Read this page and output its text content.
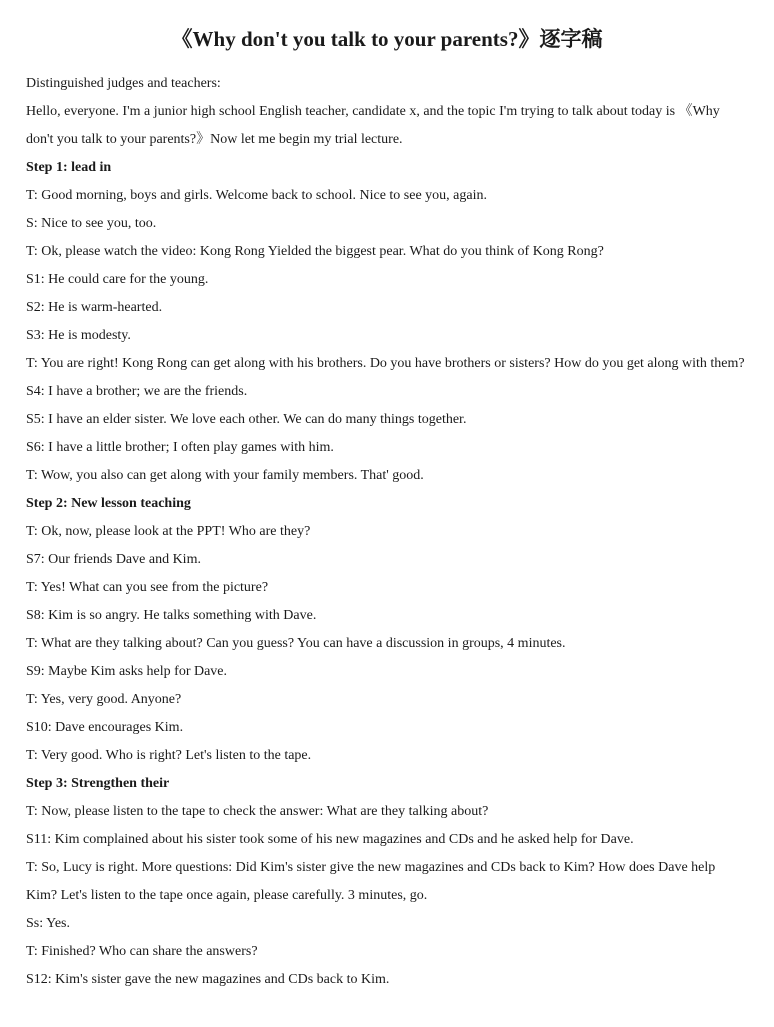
《Why don't you talk to your parents?》逐字稿

Distinguished judges and teachers:

Hello, everyone. I'm a junior high school English teacher, candidate x, and the topic I'm trying to talk about today is 《Why don't you talk to your parents?》Now let me begin my trial lecture.

Step 1: lead in

T: Good morning, boys and girls. Welcome back to school. Nice to see you, again.

S: Nice to see you, too.

T: Ok, please watch the video: Kong Rong Yielded the biggest pear. What do you think of Kong Rong?

S1: He could care for the young.

S2: He is warm-hearted.

S3: He is modesty.

T: You are right! Kong Rong can get along with his brothers. Do you have brothers or sisters? How do you get along with them?

S4: I have a brother; we are the friends.

S5: I have an elder sister. We love each other. We can do many things together.

S6: I have a little brother; I often play games with him.

T: Wow, you also can get along with your family members. That' good.

Step 2: New lesson teaching

T: Ok, now, please look at the PPT! Who are they?

S7: Our friends Dave and Kim.

T: Yes! What can you see from the picture?

S8: Kim is so angry. He talks something with Dave.

T: What are they talking about? Can you guess? You can have a discussion in groups, 4 minutes.

S9: Maybe Kim asks help for Dave.

T: Yes, very good. Anyone?

S10: Dave encourages Kim.

T: Very good. Who is right? Let's listen to the tape.

Step 3: Strengthen their

T: Now, please listen to the tape to check the answer: What are they talking about?

S11: Kim complained about his sister took some of his new magazines and CDs and he asked help for Dave.

T: So, Lucy is right. More questions: Did Kim's sister give the new magazines and CDs back to Kim? How does Dave help Kim? Let's listen to the tape once again, please carefully. 3 minutes, go.

Ss: Yes.

T: Finished? Who can share the answers?

S12: Kim's sister gave the new magazines and CDs back to Kim.
